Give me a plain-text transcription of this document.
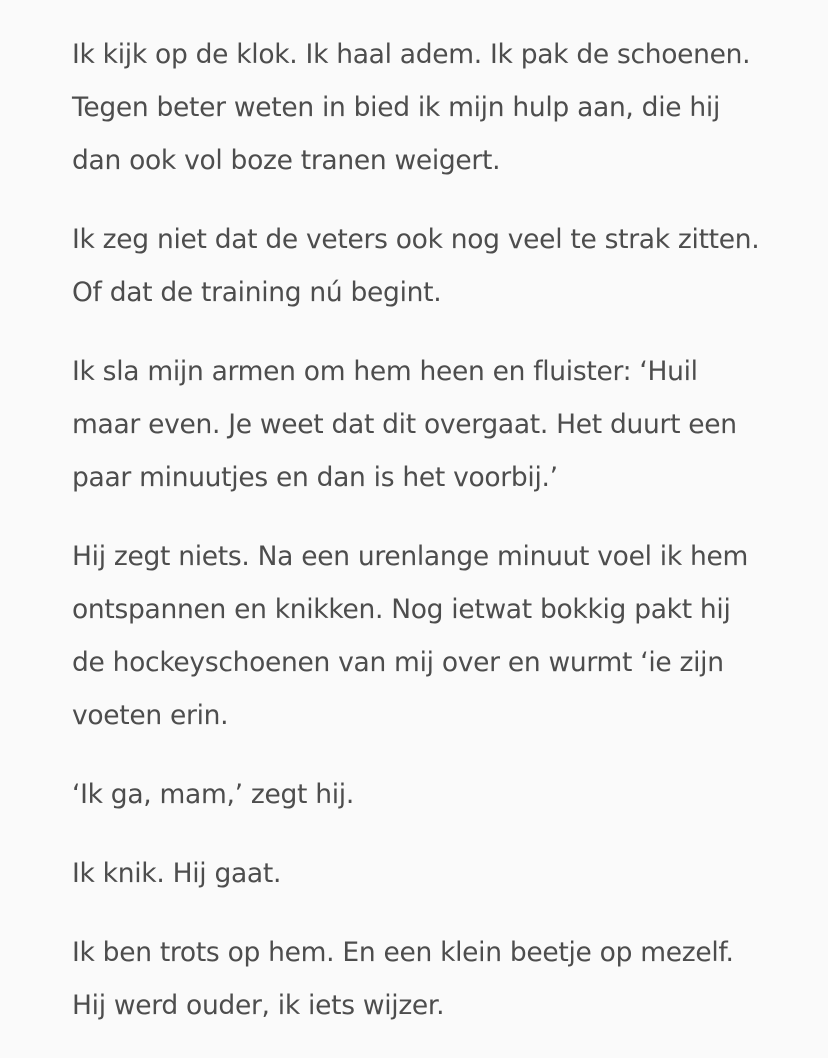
Ik kijk op de klok. Ik haal adem. Ik pak de schoenen.
Tegen beter weten in bied ik mijn hulp aan, die hij
dan ook vol boze tranen weigert.

Ik zeg niet dat de veters ook nog veel te strak zitten.
Of dat de training nú begint.

Ik sla mijn armen om hem heen en fluister: ‘Huil
maar even. Je weet dat dit overgaat. Het duurt een
paar minuutjes en dan is het voorbij.’

Hij zegt niets. Na een urenlange minuut voel ik hem
ontspannen en knikken. Nog ietwat bokkig pakt hij
de hockeyschoenen van mij over en wurmt ‘ie zijn
voeten erin.

‘Ik ga, mam,’ zegt hij.

Ik knik. Hij gaat.

Ik ben trots op hem. En een klein beetje op mezelf.
Hij werd ouder, ik iets wijzer.
